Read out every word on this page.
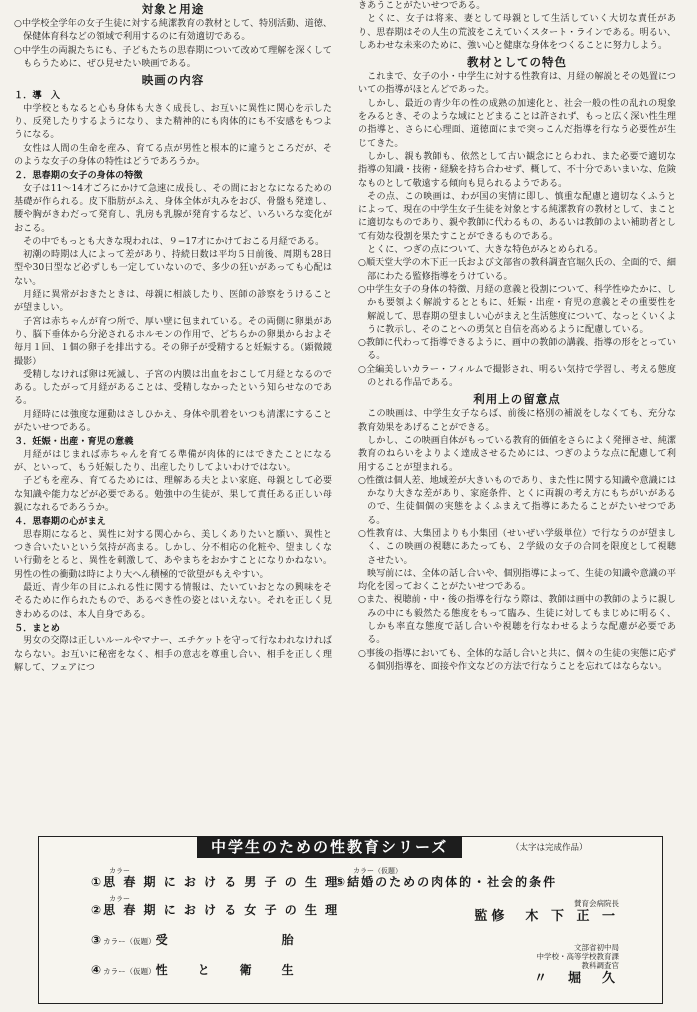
対象と用途

○中学校全学年の女子生徒に対する純潔教育の教材として、特別活動、道徳、保健体育科などの領域で利用するのに有効適切である。

○中学生の両親たちにも、子どもたちの思春期について改めて理解を深くしてもらうために、ぜひ見せたい映画である。

映画の内容
１．導　入

中学校ともなると心も身体も大きく成長し、お互いに異性に関心を示したり、反発したりするようになり、また精神的にも肉体的にも不安感をもつようになる。

女性は人間の生命を産み、育てる点が男性と根本的に違うところだが、そのような女子の身体の特性はどうであろうか。

２．思春期の女子の身体の特徴

女子は11〜14才ごろにかけて急速に成長し、その間におとなになるための基礎が作られる。皮下脂肪がふえ、身体全体が丸みをおび、骨盤も発達し、腰や胸がきわだって発育し、乳房も乳腺が発育するなど、いろいろな変化がおこる。

その中でもっとも大きな現われは、９−17才にかけておこる月経である。

初潮の時期は人によって差があり、持続日数は平均５日前後、周期も28日型や30日型など必ずしも一定していないので、多少の狂いがあっても心配はない。

月経に異常がおきたときは、母親に相談したり、医師の診察をうけることが望ましい。

子宮は赤ちゃんが育つ所で、厚い壁に包まれている。その両側に卵巣があり、脳下垂体から分泌されるホルモンの作用で、どちらかの卵巣からおよそ毎月１回、１個の卵子を排出する。その卵子が受精すると妊娠する。（顕微鏡撮影）

受精しなければ卵は死滅し、子宮の内膜は出血をおこして月経となるのである。したがって月経があることは、受精しなかったという知らせなのである。

月経時には強度な運動はさしひかえ、身体や肌着をいつも清潔にすることがたいせつである。

３．妊娠・出産・育児の意義

月経がはじまれば赤ちゃんを育てる準備が肉体的にはできたことになるが、といって、もう妊娠したり、出産したりしてよいわけではない。

子どもを産み、育てるためには、理解ある夫とよい家庭、母親として必要な知識や能力などが必要である。勉強中の生徒が、果して責任ある正しい母親になれるであろうか。

４．思春期の心がまえ

思春期になると、異性に対する関心から、美しくありたいと願い、異性とつき合いたいという気持が高まる。しかし、分不相応の化粧や、望ましくない行動をとると、異性を刺激して、あやまちをおかすことになりかねない。男性の性の衝動は時により大へん積極的で欲望がもえやすい。

最近、青少年の目にふれる性に関する情報は、たいていおとなの興味をそそるために作られたもので、あるべき性の姿とはいえない。それを正しく見きわめるのは、本人自身である。

５．まとめ

男女の交際は正しいルールやマナー、エチケットを守って行なわれなければならない。お互いに秘密をなく、相手の意志を尊重し合い、相手を正しく理解して、フェアにつ

きあうことがたいせつである。

とくに、女子は将来、妻として母親として生活していく大切な責任があり、思春期はその人生の荒波をこえていくスタート・ラインである。明るい、しあわせな未来のために、強い心と健康な身体をつくることに努力しよう。

教材としての特色

これまで、女子の小・中学生に対する性教育は、月経の解説とその処置についての指導がほとんどであった。

しかし、最近の青少年の性の成熟の加速化と、社会一般の性の乱れの現象をみるとき、そのような域にとどまることは許されず、もっと広く深い性生理の指導と、さらに心理面、道徳面にまで突っこんだ指導を行なう必要性が生じてきた。

しかし、親も教師も、依然として古い観念にとらわれ、また必要で適切な指導の知識・技術・経験を持ち合わせず、概して、不十分であいまいな、危険なものとして敬遠する傾向も見られるようである。

その点、この映画は、わが国の実情に即し、慎重な配慮と適切なくふうとによって、現在の中学生女子生徒を対象とする純潔教育の教材として、まことに適切なものであり、親や教師に代わるもの、あるいは教師のよい補助者として有効な役割を果たすことができるものである。

とくに、つぎの点について、大きな特色がみとめられる。

○順天堂大学の木下正一氏および文部省の教科調査官堀久氏の、全面的で、細部にわたる監修指導をうけている。

○中学生女子の身体の特徴、月経の意義と役割について、科学性ゆたかに、しかも要領よく解説するとともに、妊娠・出産・育児の意義とその重要性を解説して、思春期の望ましい心がまえと生活態度について、なっとくいくように教示し、そのことへの勇気と自信を高めるように配慮している。

○教師に代わって指導できるように、画中の教師の講義、指導の形をとっている。

○全編美しいカラー・フィルムで撮影され、明るい気持で学習し、考える態度のとれる作品である。

利用上の留意点

この映画は、中学生女子ならば、前後に格別の補説をしなくても、充分な教育効果をあげることができる。

しかし、この映画自体がもっている教育的価値をさらによく発揮させ、純潔教育のねらいをよりよく達成させるためには、つぎのような点に配慮して利用することが望まれる。

○性徴は個人差、地域差が大きいものであり、また性に関する知識や意識にはかなり大きな差があり、家庭条件、とくに両親の考え方にもちがいがあるので、生徒個個の実態をよくふまえて指導にあたることがたいせつである。

○性教育は、大集団よりも小集団（せいぜい学級単位）で行なうのが望ましく、この映画の視聴にあたっても、２学級の女子の合同を限度として視聴させたい。

映写前には、全体の話し合いや、個別指導によって、生徒の知識や意識の平均化を図っておくことがたいせつである。

○また、視聴前・中・後の指導を行なう際は、教師は画中の教師のように親しみの中にも毅然たる態度をもって臨み、生徒に対してもまじめに明るく、しかも率直な態度で話し合いや視聴を行なわせるような配慮が必要である。

○事後の指導においても、全体的な話し合いと共に、個々の生徒の実態に応ずる個別指導を、面接や作文などの方法で行なうことを忘れてはならない。

中学生のための性教育シリーズ	（太字は完成作品）
カラー
①思 春 期 に お け る 男 子 の 生 理
カラー
②思 春 期 に お け る 女 子 の 生 理
③カラー（仮題）受　　　　　　　　胎
④カラー（仮題）性　　と　　衛　　生
カラー（仮題）
⑤結婚のための肉体的・社会的条件
賛育会病院長
監修　 木 下 正 一
文部省初中局
中学校・高等学校教育課
教科調査官
〃　 堀　久
